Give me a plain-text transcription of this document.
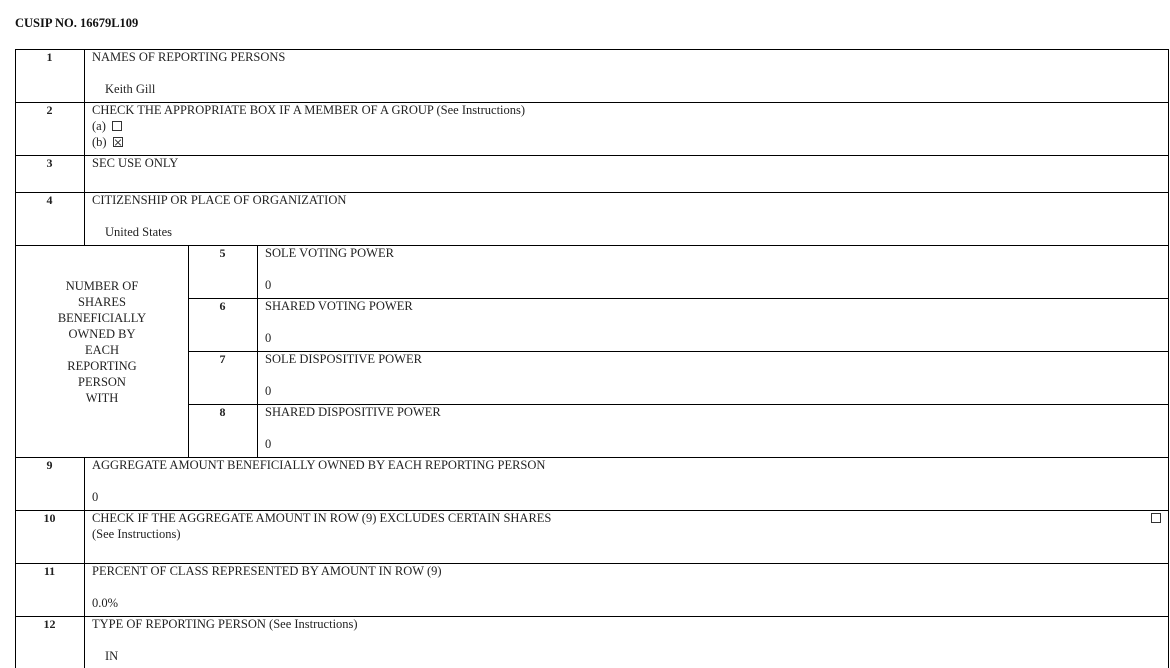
CUSIP NO. 16679L109
1	NAMES OF REPORTING PERSONS
Keith Gill
2	CHECK THE APPROPRIATE BOX IF A MEMBER OF A GROUP (See Instructions)
(a)
(b)
3	SEC USE ONLY
4	CITIZENSHIP OR PLACE OF ORGANIZATION
United States
NUMBER OF
SHARES
BENEFICIALLY
OWNED BY
EACH
REPORTING
PERSON
WITH
5	SOLE VOTING POWER
0
6	SHARED VOTING POWER
0
7	SOLE DISPOSITIVE POWER
0
8	SHARED DISPOSITIVE POWER
0
9	AGGREGATE AMOUNT BENEFICIALLY OWNED BY EACH REPORTING PERSON
0
10	CHECK IF THE AGGREGATE AMOUNT IN ROW (9) EXCLUDES CERTAIN SHARES
(See Instructions)
11	PERCENT OF CLASS REPRESENTED BY AMOUNT IN ROW (9)
0.0%
12	TYPE OF REPORTING PERSON (See Instructions)
IN
